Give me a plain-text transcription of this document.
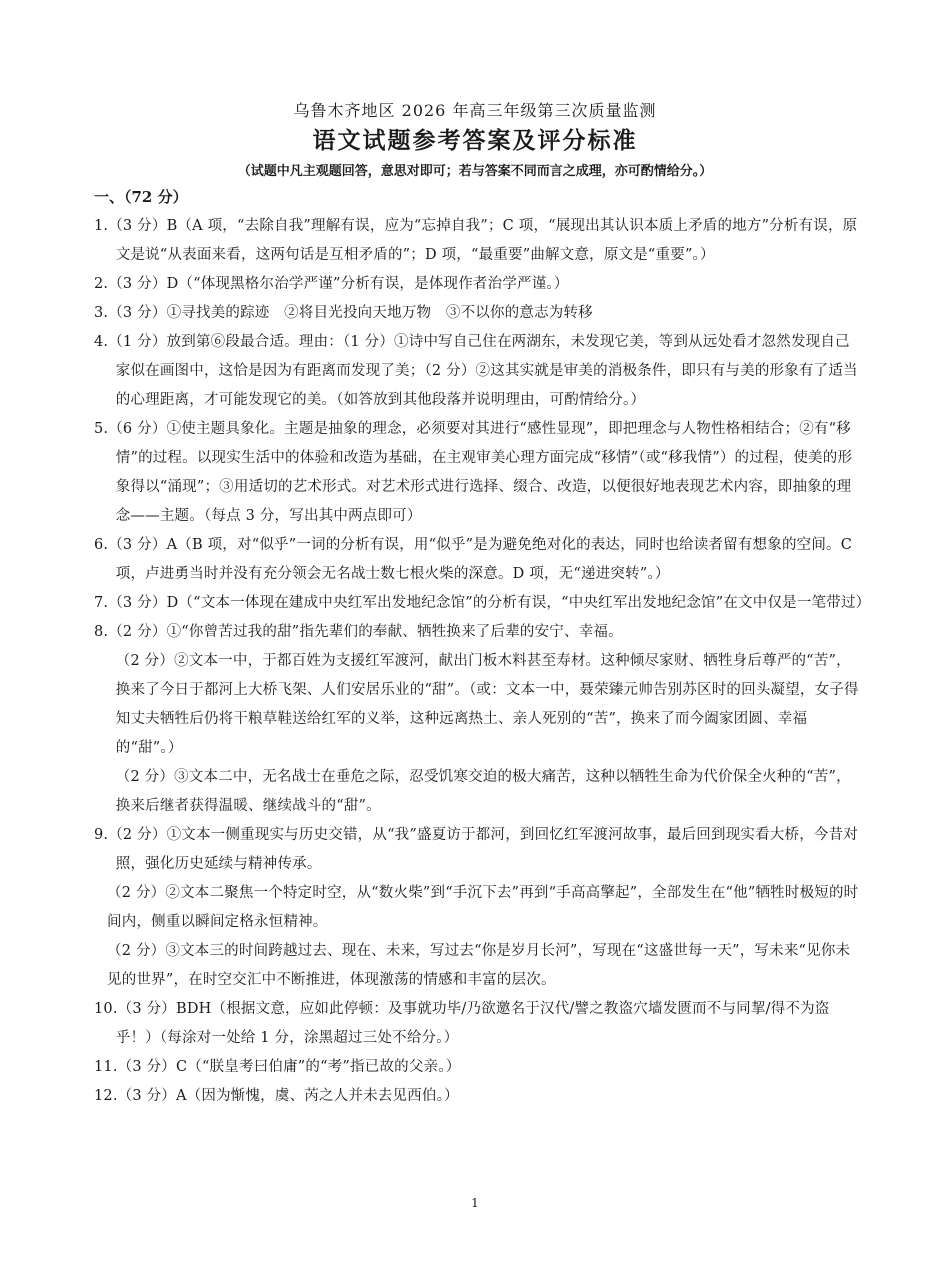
乌鲁木齐地区 2026 年高三年级第三次质量监测
语文试题参考答案及评分标准
（试题中凡主观题回答，意思对即可；若与答案不同而言之成理，亦可酌情给分。）
一、（72 分）

1.（3 分）B（A 项，“去除自我”理解有误，应为“忘掉自我”；C 项，“展现出其认识本质上矛盾的地方”分析有误，原文是说“从表面来看，这两句话是互相矛盾的”；D 项，“最重要”曲解文意，原文是“重要”。）

2.（3 分）D（“体现黑格尔治学严谨”分析有误，是体现作者治学严谨。）

3.（3 分）①寻找美的踪迹　②将目光投向天地万物　③不以你的意志为转移

4.（1 分）放到第⑥段最合适。理由：（1 分）①诗中写自己住在两湖东，未发现它美，等到从远处看才忽然发现自己家似在画图中，这恰是因为有距离而发现了美；（2 分）②这其实就是审美的消极条件，即只有与美的形象有了适当的心理距离，才可能发现它的美。（如答放到其他段落并说明理由，可酌情给分。）

5.（6 分）①使主题具象化。主题是抽象的理念，必须要对其进行“感性显现”，即把理念与人物性格相结合；②有“移情”的过程。以现实生活中的体验和改造为基础，在主观审美心理方面完成“移情”（或“移我情”）的过程，使美的形象得以“涌现”；③用适切的艺术形式。对艺术形式进行选择、缀合、改造，以便很好地表现艺术内容，即抽象的理念——主题。（每点 3 分，写出其中两点即可）

6.（3 分）A（B 项，对“似乎”一词的分析有误，用“似乎”是为避免绝对化的表达，同时也给读者留有想象的空间。C 项，卢进勇当时并没有充分领会无名战士数七根火柴的深意。D 项，无“递进突转”。）

7.（3 分）D（“文本一体现在建成中央红军出发地纪念馆”的分析有误，“中央红军出发地纪念馆”在文中仅是一笔带过）

8.（2 分）①“你曾苦过我的甜”指先辈们的奉献、牺牲换来了后辈的安宁、幸福。

（2 分）②文本一中，于都百姓为支援红军渡河，献出门板木料甚至寿材。这种倾尽家财、牺牲身后尊严的“苦”，换来了今日于都河上大桥飞架、人们安居乐业的“甜”。（或：文本一中，聂荣臻元帅告别苏区时的回头凝望，女子得知丈夫牺牲后仍将干粮草鞋送给红军的义举，这种远离热土、亲人死别的“苦”，换来了而今阖家团圆、幸福的“甜”。）

（2 分）③文本二中，无名战士在垂危之际，忍受饥寒交迫的极大痛苦，这种以牺牲生命为代价保全火种的“苦”，换来后继者获得温暖、继续战斗的“甜”。

9.（2 分）①文本一侧重现实与历史交错，从“我”盛夏访于都河，到回忆红军渡河故事，最后回到现实看大桥，今昔对照，强化历史延续与精神传承。

（2 分）②文本二聚焦一个特定时空，从“数火柴”到“手沉下去”再到“手高高擎起”，全部发生在“他”牺牲时极短的时间内，侧重以瞬间定格永恒精神。

（2 分）③文本三的时间跨越过去、现在、未来，写过去“你是岁月长河”，写现在“这盛世每一天”，写未来“见你未见的世界”，在时空交汇中不断推进，体现激荡的情感和丰富的层次。

10.（3 分）BDH（根据文意，应如此停顿：及事就功毕/乃欲邀名于汉代/譬之教盗穴墙发匮而不与同挈/得不为盗乎！）（每涂对一处给 1 分，涂黑超过三处不给分。）

11.（3 分）C（“朕皇考曰伯庸”的“考”指已故的父亲。）

12.（3 分）A（因为惭愧，虞、芮之人并未去见西伯。）

1
